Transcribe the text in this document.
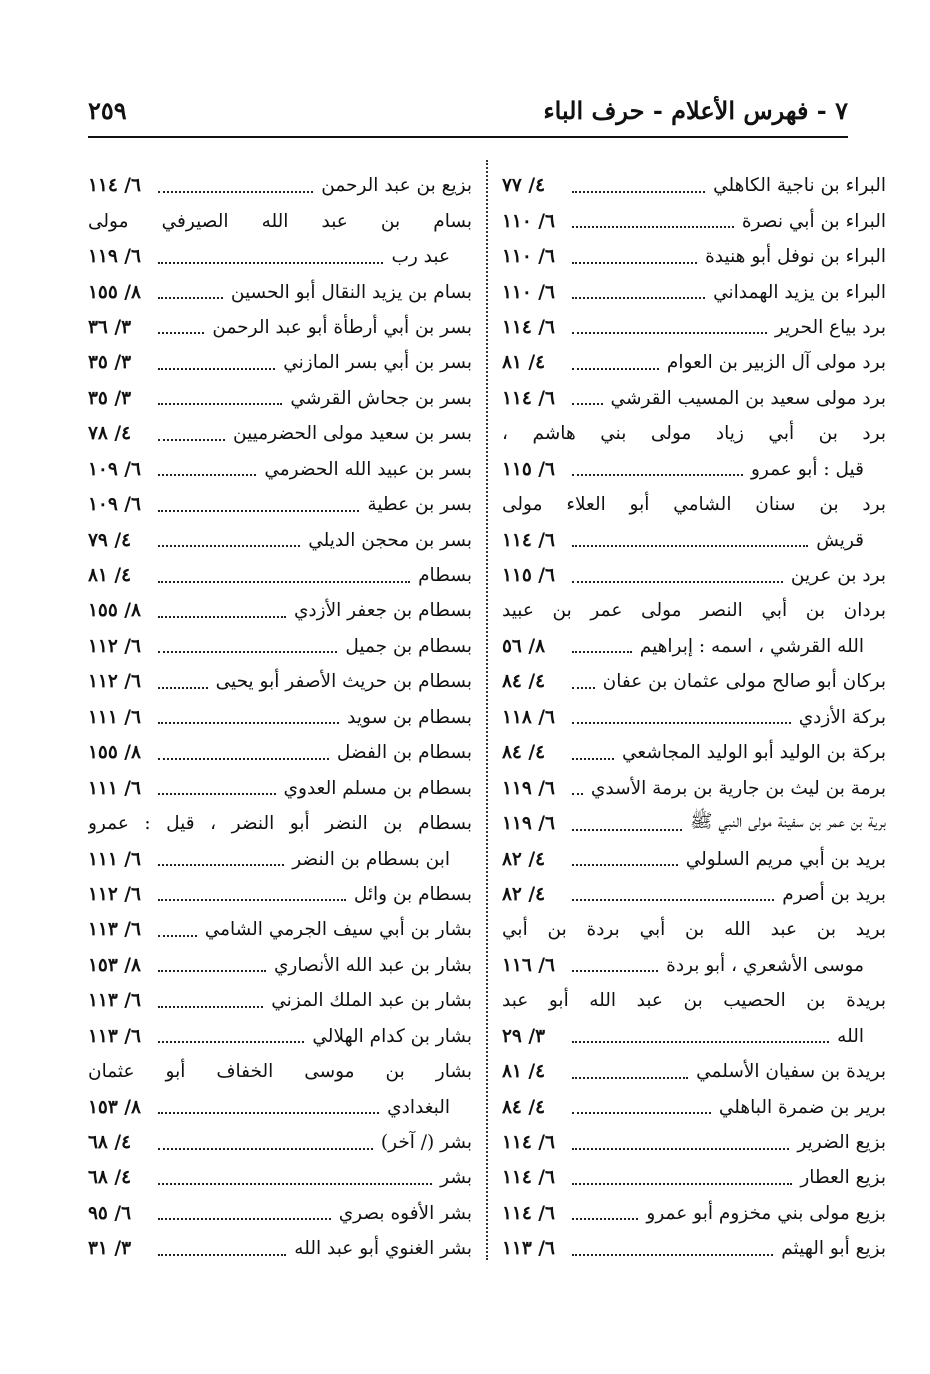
٧ - فهرس الأعلام - حرف الباء
٢٥٩
البراء بن ناجية الكاهلي
٤/ ٧٧
البراء بن أبي نصرة
٦/ ١١٠
البراء بن نوفل أبو هنيدة
٦/ ١١٠
البراء بن يزيد الهمداني
٦/ ١١٠
برد بياع الحرير
٦/ ١١٤
برد مولى آل الزبير بن العوام
٤/ ٨١
برد مولى سعيد بن المسيب القرشي
٦/ ١١٤
برد بن أبي زياد مولى بني هاشم ،
قيل : أبو عمرو
٦/ ١١٥
برد بن سنان الشامي أبو العلاء مولى
قريش
٦/ ١١٤
برد بن عرين
٦/ ١١٥
بردان بن أبي النصر مولى عمر بن عبيد
الله القرشي ، اسمه : إبراهيم
٨/ ٥٦
بركان أبو صالح مولى عثمان بن عفان
٤/ ٨٤
بركة الأزدي
٦/ ١١٨
بركة بن الوليد أبو الوليد المجاشعي
٤/ ٨٤
برمة بن ليث بن جارية بن برمة الأسدي
٦/ ١١٩
برية بن عمر بن سفينة مولى النبي ﷺ
٦/ ١١٩
بريد بن أبي مريم السلولي
٤/ ٨٢
بريد بن أصرم
٤/ ٨٢
بريد بن عبد الله بن أبي بردة بن أبي
موسى الأشعري ، أبو بردة
٦/ ١١٦
بريدة بن الحصيب بن عبد الله أبو عبد
الله
٣/ ٢٩
بريدة بن سفيان الأسلمي
٤/ ٨١
برير بن ضمرة الباهلي
٤/ ٨٤
بزيع الضرير
٦/ ١١٤
بزيع العطار
٦/ ١١٤
بزيع مولى بني مخزوم أبو عمرو
٦/ ١١٤
بزيع أبو الهيثم
٦/ ١١٣
بزيع بن عبد الرحمن
٦/ ١١٤
بسام بن عبد الله الصيرفي مولى
عبد رب
٦/ ١١٩
بسام بن يزيد النقال أبو الحسين
٨/ ١٥٥
بسر بن أبي أرطأة أبو عبد الرحمن
٣/ ٣٦
بسر بن أبي بسر المازني
٣/ ٣٥
بسر بن جحاش القرشي
٣/ ٣٥
بسر بن سعيد مولى الحضرميين
٤/ ٧٨
بسر بن عبيد الله الحضرمي
٦/ ١٠٩
بسر بن عطية
٦/ ١٠٩
بسر بن محجن الديلي
٤/ ٧٩
بسطام
٤/ ٨١
بسطام بن جعفر الأزدي
٨/ ١٥٥
بسطام بن جميل
٦/ ١١٢
بسطام بن حريث الأصفر أبو يحيى
٦/ ١١٢
بسطام بن سويد
٦/ ١١١
بسطام بن الفضل
٨/ ١٥٥
بسطام بن مسلم العدوي
٦/ ١١١
بسطام بن النضر أبو النضر ، قيل : عمرو
ابن بسطام بن النضر
٦/ ١١١
بسطام بن وائل
٦/ ١١٢
بشار بن أبي سيف الجرمي الشامي
٦/ ١١٣
بشار بن عبد الله الأنصاري
٨/ ١٥٣
بشار بن عبد الملك المزني
٦/ ١١٣
بشار بن كدام الهلالي
٦/ ١١٣
بشار بن موسى الخفاف أبو عثمان
البغدادي
٨/ ١٥٣
بشر (/ آخر)
٤/ ٦٨
بشر
٤/ ٦٨
بشر الأفوه بصري
٦/ ٩٥
بشر الغنوي أبو عبد الله
٣/ ٣١
